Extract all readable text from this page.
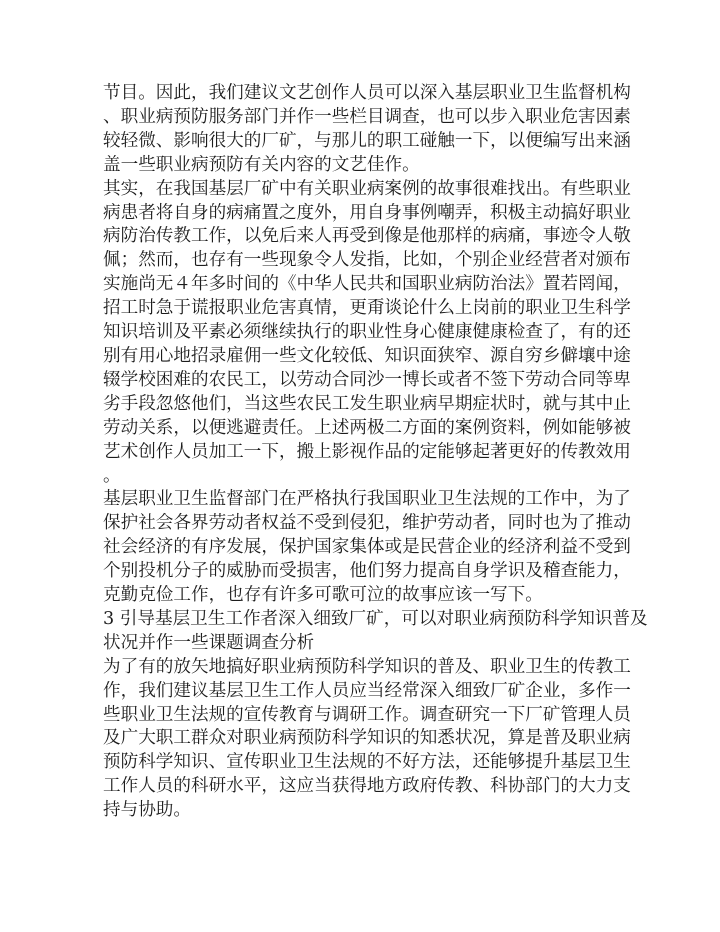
节目。因此，我们建议文艺创作人员可以深入基层职业卫生监督机构
、职业病预防服务部门并作一些栏目调查，也可以步入职业危害因素
较轻微、影响很大的厂矿，与那儿的职工碰触一下，以便编写出来涵
盖一些职业病预防有关内容的文艺佳作。
其实，在我国基层厂矿中有关职业病案例的故事很难找出。有些职业
病患者将自身的病痛置之度外，用自身事例嘲弄，积极主动搞好职业
病防治传教工作，以免后来人再受到像是他那样的病痛，事迹令人敬
佩；然而，也存有一些现象令人发指，比如，个别企业经营者对颁布
实施尚无４年多时间的《中华人民共和国职业病防治法》置若罔闻，
招工时急于谎报职业危害真情，更甭谈论什么上岗前的职业卫生科学
知识培训及平素必须继续执行的职业性身心健康健康检查了，有的还
别有用心地招录雇佣一些文化较低、知识面狭窄、源自穷乡僻壤中途
辍学校困难的农民工，以劳动合同沙一博长或者不签下劳动合同等卑
劣手段忽悠他们，当这些农民工发生职业病早期症状时，就与其中止
劳动关系，以便逃避责任。上述两极二方面的案例资料，例如能够被
艺术创作人员加工一下，搬上影视作品的定能够起著更好的传教效用
。
基层职业卫生监督部门在严格执行我国职业卫生法规的工作中，为了
保护社会各界劳动者权益不受到侵犯，维护劳动者，同时也为了推动
社会经济的有序发展，保护国家集体或是民营企业的经济利益不受到
个别投机分子的威胁而受损害，他们努力提高自身学识及稽查能力，
克勤克俭工作，也存有许多可歌可泣的故事应该一写下。
3 引导基层卫生工作者深入细致厂矿，可以对职业病预防科学知识普及
状况并作一些课题调查分析
为了有的放矢地搞好职业病预防科学知识的普及、职业卫生的传教工
作，我们建议基层卫生工作人员应当经常深入细致厂矿企业，多作一
些职业卫生法规的宣传教育与调研工作。调查研究一下厂矿管理人员
及广大职工群众对职业病预防科学知识的知悉状况，算是普及职业病
预防科学知识、宣传职业卫生法规的不好方法，还能够提升基层卫生
工作人员的科研水平，这应当获得地方政府传教、科协部门的大力支
持与协助。
